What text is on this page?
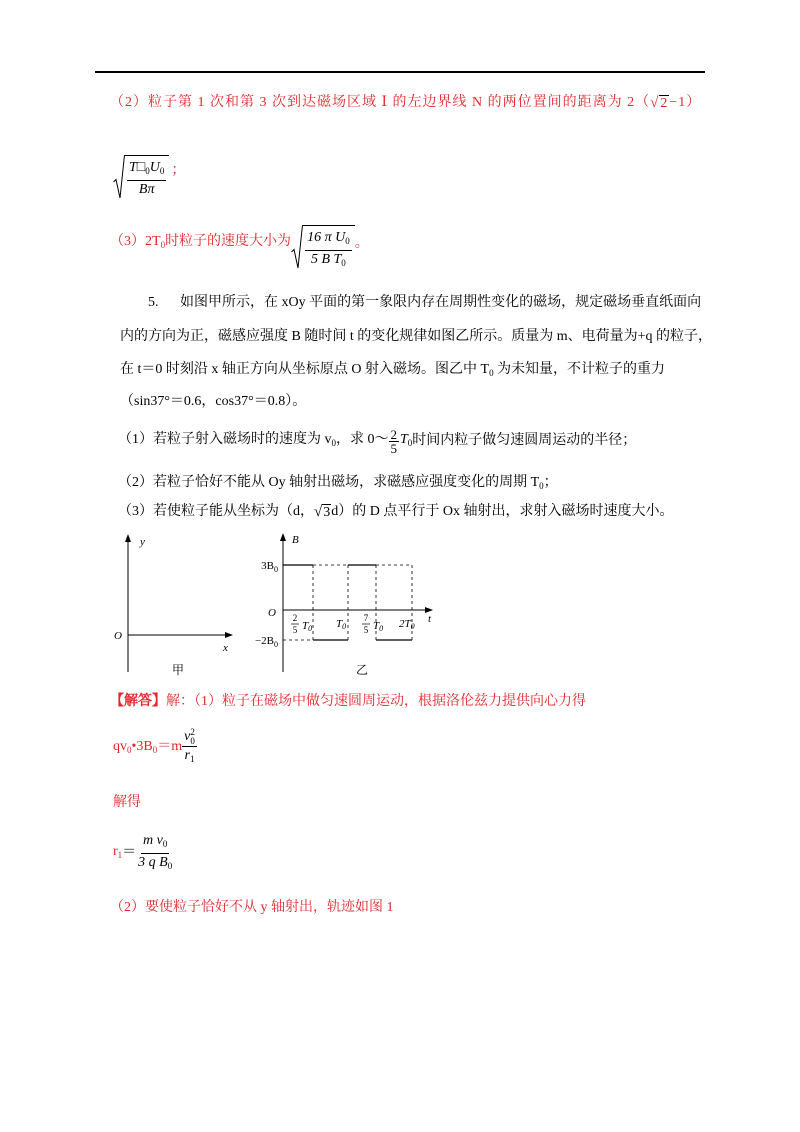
（2）粒子第 1 次和第 3 次到达磁场区域 Ⅰ 的左边界线 N 的两位置间的距离为 2（ √ 2 −1）
$\frac{T□_0U_0}{B\pi}$ ；
$(3)2T_0$时粒子的速度大小为 $\frac{16 \pi U_0}{5 B T_0}$ 。
5. 如图甲所示，在 xOy 平面的第一象限内存在周期性变化的磁场，规定磁场垂直纸面向
内的方向为正，磁感应强度 B 随时间 t 的变化规律如图乙所示。质量为 m、电荷量为+q 的粒子，
在 t＝0 时刻沿 x 轴正方向从坐标原点 O 射入磁场。图乙中 $T_0$ 为未知量，不计粒子的重力
（sin37°＝0.6，cos37°＝0.8）。
（1）若粒子射入磁场时的速度为 $v_0$，求 0～ $\frac{2}{5} T_0$ 时间内粒子做匀速圆周运动的半径；
（2）若粒子恰好不能从 Oy 轴射出磁场，求磁感应强度变化的周期 $T_0$；
（3）若使粒子能从坐标为（d， √ 3 d）的 D 点平行于 Ox 轴射出，求射入磁场时速度大小。
y
O
x
甲
B
$3B_0$
O
$-2B_0$
t
2
5 T0 T0
7
5 T0 2T0
乙
【解答】解：（1）粒子在磁场中做匀速圆周运动，根据洛伦兹力提供向心力得
$qv_0•3B_0=m$ v 2
0
$r_1$
解得
$r_1 = \frac{m v_0}{3 q B_0}$
（2）要使粒子恰好不从 y 轴射出，轨迹如图 1
